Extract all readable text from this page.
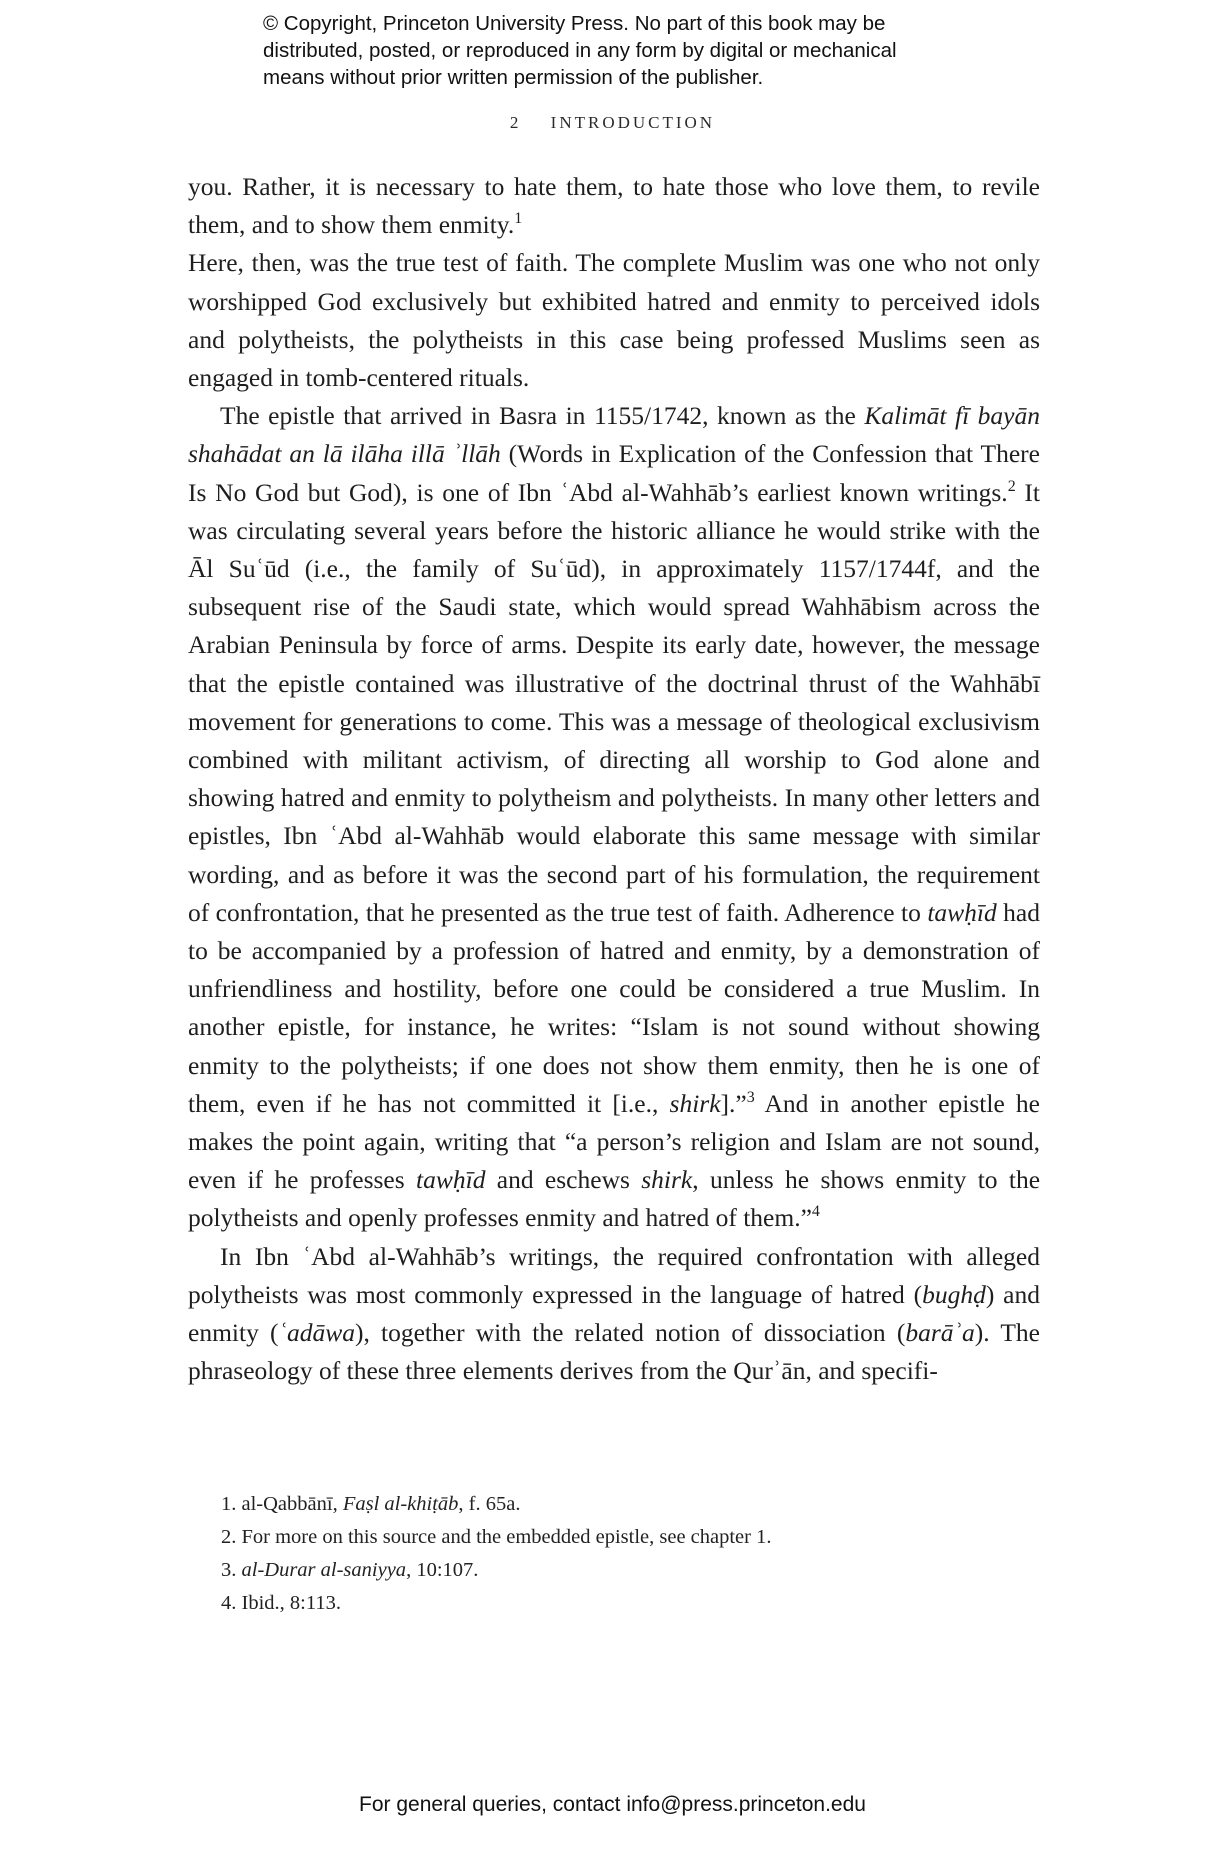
© Copyright, Princeton University Press. No part of this book may be
distributed, posted, or reproduced in any form by digital or mechanical
means without prior written permission of the publisher.
2 INTRODUCTION

you. Rather, it is necessary to hate them, to hate those who love them, to revile them, and to show them enmity.$^1$

Here, then, was the true test of faith. The complete Muslim was one who not only worshipped God exclusively but exhibited hatred and enmity to perceived idols and polytheists, the polytheists in this case being professed Muslims seen as engaged in tomb-centered rituals.

The epistle that arrived in Basra in 1155/1742, known as the Kalimāt fī bayān shahādat an lā ilāha illā ʾllāh (Words in Explication of the Confession that There Is No God but God), is one of Ibn ʿAbd al-Wahhāb’s earliest known writings.$^2$ It was circulating several years before the historic alliance he would strike with the Āl Suʿūd (i.e., the family of Suʿūd), in approximately 1157/1744f, and the subsequent rise of the Saudi state, which would spread Wahhābism across the Arabian Peninsula by force of arms. Despite its early date, however, the message that the epistle contained was illustrative of the doctrinal thrust of the Wahhābī movement for generations to come. This was a message of theological exclusivism combined with militant activism, of directing all worship to God alone and showing hatred and enmity to polytheism and polytheists. In many other letters and epistles, Ibn ʿAbd al-Wahhāb would elaborate this same message with similar wording, and as before it was the second part of his formulation, the requirement of confrontation, that he presented as the true test of faith. Adherence to tawḥīd had to be accompanied by a profession of hatred and enmity, by a demonstration of unfriendliness and hostility, before one could be considered a true Muslim. In another epistle, for instance, he writes: “Islam is not sound without showing enmity to the polytheists; if one does not show them enmity, then he is one of them, even if he has not committed it [i.e., shirk].”$^3$ And in another epistle he makes the point again, writing that “a person’s religion and Islam are not sound, even if he professes tawḥīd and eschews shirk, unless he shows enmity to the polytheists and openly professes enmity and hatred of them.”$^4$

In Ibn ʿAbd al-Wahhāb’s writings, the required confrontation with alleged polytheists was most commonly expressed in the language of hatred (bughḍ) and enmity (ʿadāwa), together with the related notion of dissociation (barāʾa). The phraseology of these three elements derives from the Qurʾān, and specifi-

1. al-Qabbānī, Faṣl al-khiṭāb, f. 65a.

2. For more on this source and the embedded epistle, see chapter 1.

3. al-Durar al-saniyya, 10:107.

4. Ibid., 8:113.

For general queries, contact info@press.princeton.edu
